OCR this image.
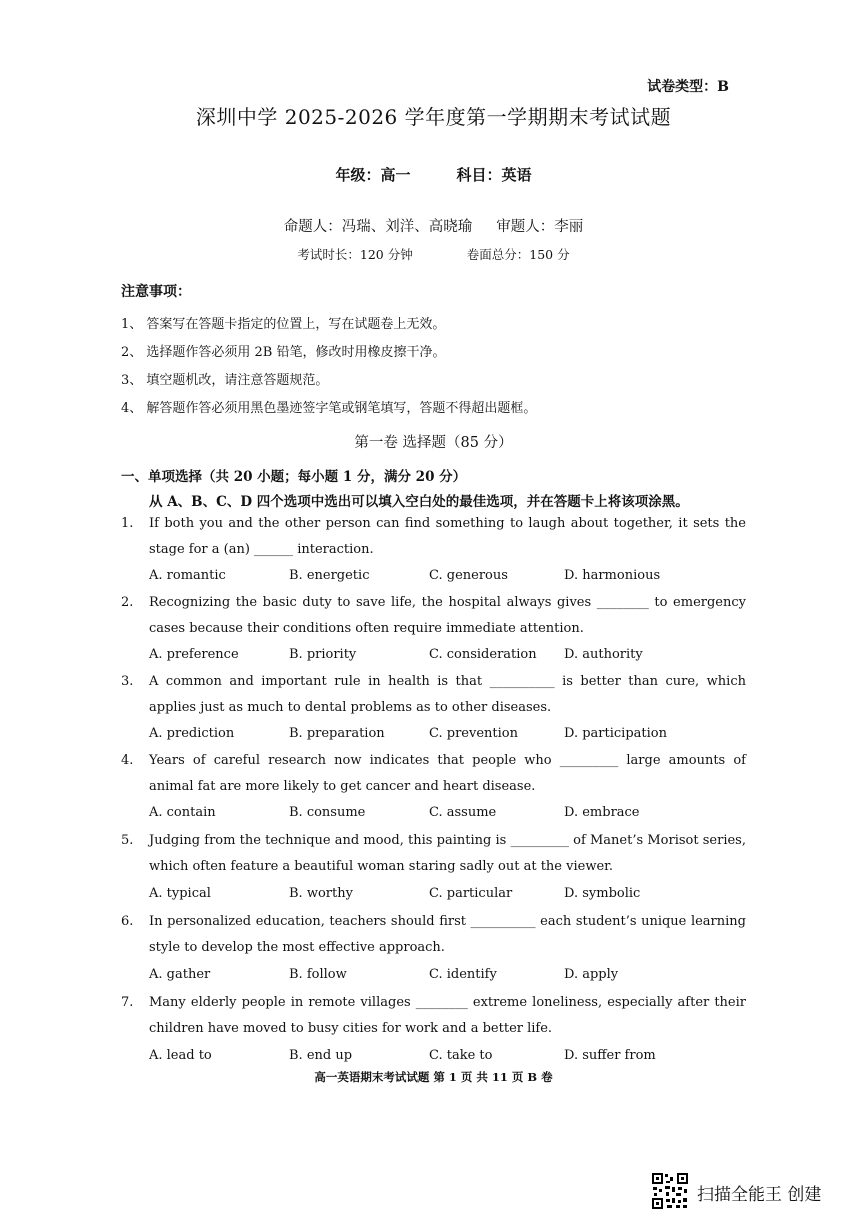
试卷类型：B
深圳中学 2025-2026 学年度第一学期期末考试试题
年级：高一	科目：英语
命题人：冯瑞、刘洋、高晓瑜 审题人：李丽
考试时长：120 分钟	卷面总分：150 分
注意事项：
1、 答案写在答题卡指定的位置上，写在试题卷上无效。
2、 选择题作答必须用 2B 铅笔，修改时用橡皮擦干净。
3、 填空题机改，请注意答题规范。
4、 解答题作答必须用黑色墨迹签字笔或钢笔填写，答题不得超出题框。
第一卷 选择题（85 分）
一、单项选择（共 20 小题；每小题 1 分，满分 20 分）
从 A、B、C、D 四个选项中选出可以填入空白处的最佳选项，并在答题卡上将该项涂黑。
1. If both you and the other person can find something to laugh about together, it sets the stage for a (an) ______ interaction.
A. romantic	B. energetic	C. generous	D. harmonious
2. Recognizing the basic duty to save life, the hospital always gives ________ to emergency cases because their conditions often require immediate attention.
A. preference	B. priority	C. consideration D. authority
3. A common and important rule in health is that __________ is better than cure, which applies just as much to dental problems as to other diseases.
A. prediction	B. preparation	C. prevention	D. participation
4. Years of careful research now indicates that people who _________ large amounts of animal fat are more likely to get cancer and heart disease.
A. contain	B. consume	C. assume	D. embrace
5. Judging from the technique and mood, this painting is _________ of Manet’s Morisot series, which often feature a beautiful woman staring sadly out at the viewer.
A. typical	B. worthy	C. particular	D. symbolic
6. In personalized education, teachers should first __________ each student’s unique learning style to develop the most effective approach.
A. gather	B. follow	C. identify	D. apply
7. Many elderly people in remote villages ________ extreme loneliness, especially after their children have moved to busy cities for work and a better life.
A. lead to	B. end up	C. take to	D. suffer from
高一英语期末考试试题 第 1 页 共 11 页 B 卷
扫描全能王 创建
